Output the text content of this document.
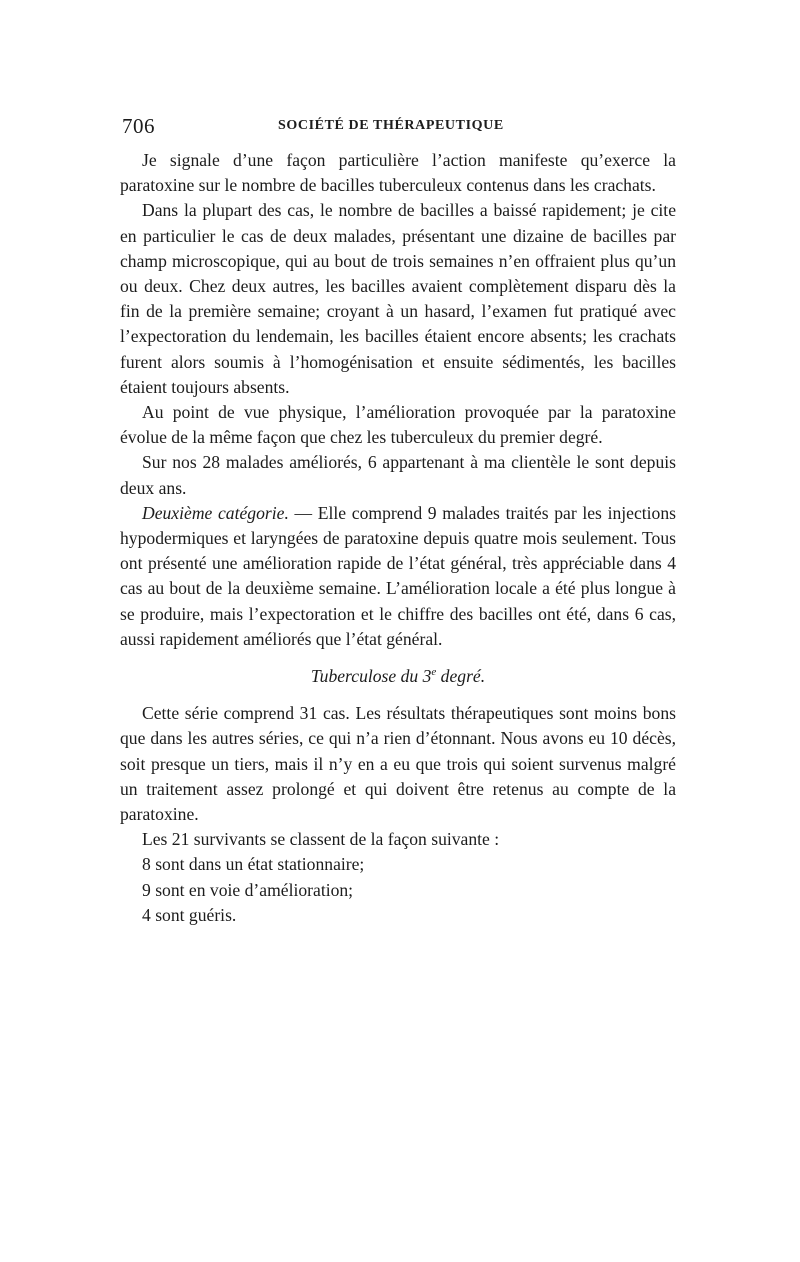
706	SOCIÉTÉ DE THÉRAPEUTIQUE

Je signale d’une façon particulière l’action manifeste qu’exerce la paratoxine sur le nombre de bacilles tuberculeux contenus dans les crachats.

Dans la plupart des cas, le nombre de bacilles a baissé rapidement; je cite en particulier le cas de deux malades, présentant une dizaine de bacilles par champ microscopique, qui au bout de trois semaines n’en offraient plus qu’un ou deux. Chez deux autres, les bacilles avaient complètement disparu dès la fin de la première semaine; croyant à un hasard, l’examen fut pratiqué avec l’expectoration du lendemain, les bacilles étaient encore absents; les crachats furent alors soumis à l’homogénisation et ensuite sédimentés, les bacilles étaient toujours absents.

Au point de vue physique, l’amélioration provoquée par la paratoxine évolue de la même façon que chez les tuberculeux du premier degré.

Sur nos 28 malades améliorés, 6 appartenant à ma clientèle le sont depuis deux ans.

Deuxième catégorie. — Elle comprend 9 malades traités par les injections hypodermiques et laryngées de paratoxine depuis quatre mois seulement. Tous ont présenté une amélioration rapide de l’état général, très appréciable dans 4 cas au bout de la deuxième semaine. L’amélioration locale a été plus longue à se produire, mais l’expectoration et le chiffre des bacilles ont été, dans 6 cas, aussi rapidement améliorés que l’état général.

Tuberculose du 3e degré.

Cette série comprend 31 cas. Les résultats thérapeutiques sont moins bons que dans les autres séries, ce qui n’a rien d’étonnant. Nous avons eu 10 décès, soit presque un tiers, mais il n’y en a eu que trois qui soient survenus malgré un traitement assez prolongé et qui doivent être retenus au compte de la paratoxine.

Les 21 survivants se classent de la façon suivante :

8 sont dans un état stationnaire;

9 sont en voie d’amélioration;

4 sont guéris.
